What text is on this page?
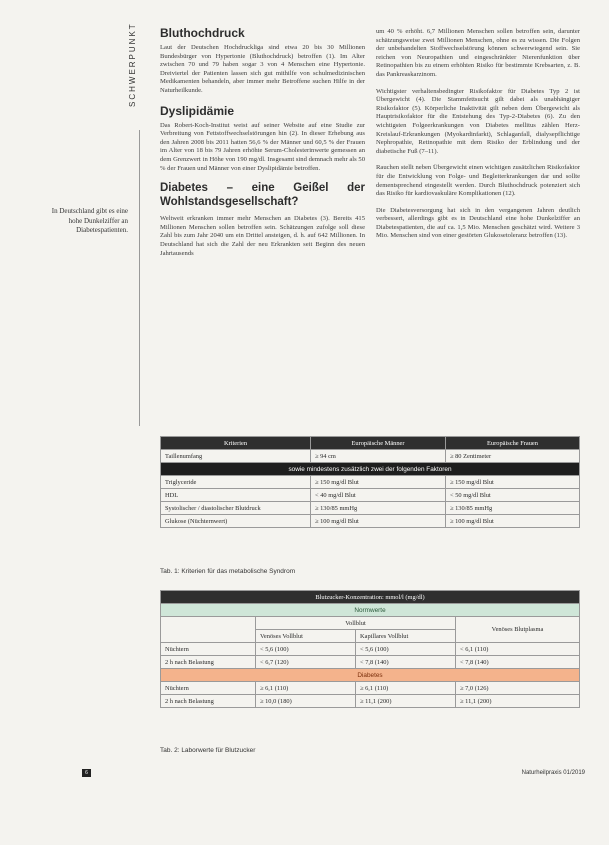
SCHWERPUNKT
In Deutschland gibt es eine hohe Dunkelziffer an Diabetespatienten.
Bluthochdruck
Laut der Deutschen Hochdruckliga sind etwa 20 bis 30 Millionen Bundesbürger von Hypertonie (Bluthochdruck) betroffen (1). Im Alter zwischen 70 und 79 haben sogar 3 von 4 Menschen eine Hypertonie. Dreiviertel der Patienten lassen sich gut mithilfe von schulmedizinischen Medikamenten behandeln, aber immer mehr Betroffene suchen Hilfe in der Naturheilkunde.
Dyslipidämie
Das Robert-Koch-Institut weist auf seiner Website auf eine Studie zur Verbreitung von Fettstoffwechselstörungen hin (2). In dieser Erhebung aus den Jahren 2008 bis 2011 hatten 56,6 % der Männer und 60,5 % der Frauen im Alter von 18 bis 79 Jahren erhöhte Serum-Cholesterinwerte gemessen an dem Grenzwert in Höhe von 190 mg/dl. Insgesamt sind demnach mehr als 50 % der Frauen und Männer von einer Dyslipidämie betroffen.
Diabetes – eine Geißel der Wohlstandsgesellschaft?
Weltweit erkranken immer mehr Menschen an Diabetes (3). Bereits 415 Millionen Menschen sollen betroffen sein. Schätzungen zufolge soll diese Zahl bis zum Jahr 2040 um ein Drittel ansteigen, d. h. auf 642 Millionen. In Deutschland hat sich die Zahl der neu Erkrankten seit Beginn des neuen Jahrtausends
um 40 % erhöht. 6,7 Millionen Menschen sollen betroffen sein, darunter schätzungsweise zwei Millionen Menschen, ohne es zu wissen. Die Folgen der unbehandelten Stoffwechselstörung können schwerwiegend sein. Sie reichen von Neuropathien und eingeschränkter Nierenfunktion über Retinopathien bis zu einem erhöhten Risiko für bestimmte Krebsarten, z. B. das Pankreaskarzinom.
Wichtigster verhaltensbedingter Risikofaktor für Diabetes Typ 2 ist Übergewicht (4). Die Stammfettsucht gilt dabei als unabhängiger Risikofaktor (5). Körperliche Inaktivität gilt neben dem Übergewicht als Hauptrisikofaktor für die Entstehung des Typ-2-Diabetes (6). Zu den wichtigsten Folgeerkrankungen von Diabetes mellitus zählen Herz-Kreislauf-Erkrankungen (Myokardinfarkt), Schlaganfall, dialysepflichtige Nephropathie, Retinopathie mit dem Risiko der Erblindung und der diabetische Fuß (7–11).
Rauchen stellt neben Übergewicht einen wichtigen zusätzlichen Risikofaktor für die Entwicklung von Folge- und Begleiterkrankungen dar und sollte dementsprechend eingestellt werden. Durch Bluthochdruck potenziert sich das Risiko für kardiovaskuläre Komplikationen (12).
Die Diabetesversorgung hat sich in den vergangenen Jahren deutlich verbessert, allerdings gibt es in Deutschland eine hohe Dunkelziffer an Diabetespatienten, die auf ca. 1,5 Mio. Menschen geschätzt wird. Weitere 3 Mio. Menschen sind von einer gestörten Glukosetoleranz betroffen (13).
Kriterien	Europäische Männer	Europäische Frauen
Taillenumfang	≥ 94 cm	≥ 80 Zentimeter
sowie mindestens zusätzlich zwei der folgenden Faktoren		
Triglyceride	≥ 150 mg/dl Blut	≥ 150 mg/dl Blut
HDL	< 40 mg/dl Blut	< 50 mg/dl Blut
Systolischer / diastolischer Blutdruck	≥ 130/85 mmHg	≥ 130/85 mmHg
Glukose (Nüchternwert)	≥ 100 mg/dl Blut	≥ 100 mg/dl Blut
Tab. 1: Kriterien für das metabolische Syndrom
Blutzucker-Konzentration: mmol/l (mg/dl)			
Normwerte			
	Vollblut		Venöses Blutplasma
	Venöses Vollblut	Kapillares Vollblut	
Nüchtern	< 5,6 (100)	< 5,6 (100)	< 6,1 (110)
2 h nach Belastung	< 6,7 (120)	< 7,8 (140)	< 7,8 (140)
Diabetes			
Nüchtern	≥ 6,1 (110)	≥ 6,1 (110)	≥ 7,0 (126)
2 h nach Belastung	≥ 10,0 (180)	≥ 11,1 (200)	≥ 11,1 (200)
Tab. 2: Laborwerte für Blutzucker
6	Naturheilpraxis 01/2019
